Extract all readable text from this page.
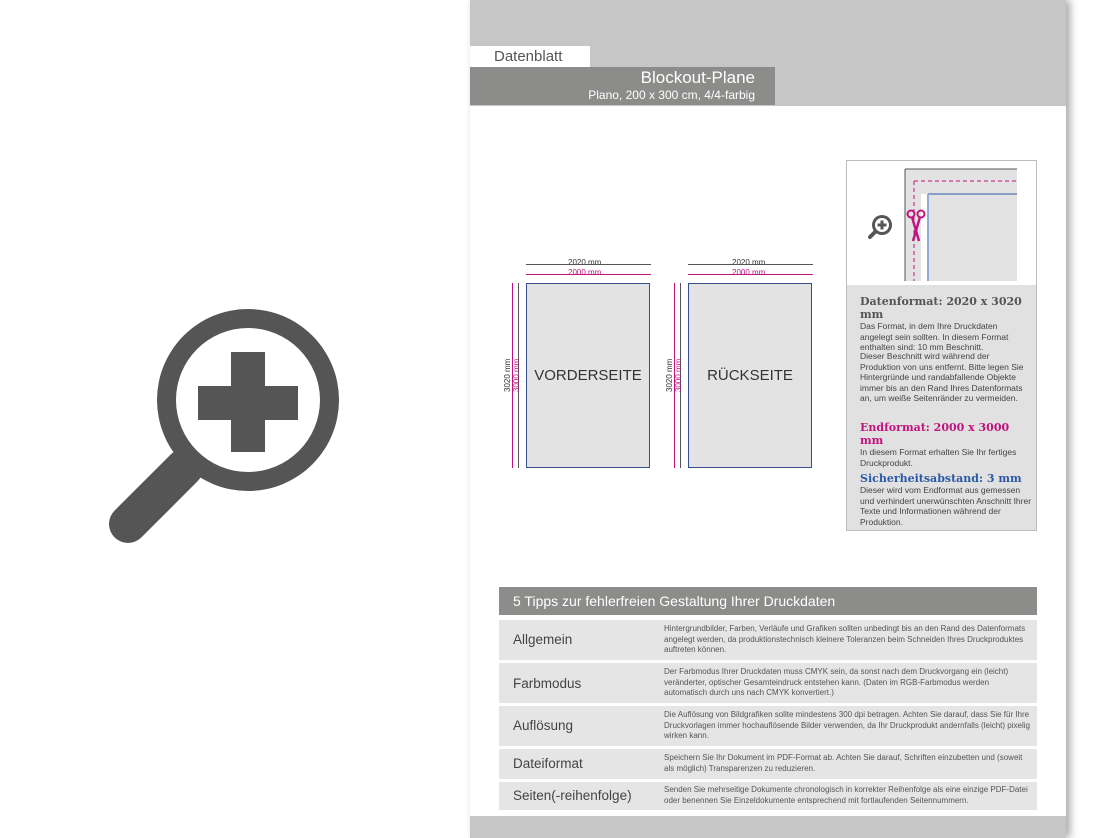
Datenblatt
Blockout-Plane
Plano, 200 x 300 cm, 4/4-farbig
2020 mm
2000 mm
3020 mm 3000 mm VORDERSEITE
2020 mm
2000 mm
3020 mm 3000 mm RÜCKSEITE
Datenformat: 2020 x 3020 mm

Das Format, in dem Ihre Druckdaten angelegt sein sollten. In diesem Format enthalten sind: 10 mm Beschnitt.

Dieser Beschnitt wird während der Produktion von uns entfernt. Bitte legen Sie Hintergründe und randabfallende Objekte immer bis an den Rand Ihres Datenformats an, um weiße Seitenränder zu vermeiden.

Endformat: 2000 x 3000 mm

In diesem Format erhalten Sie Ihr fertiges Druckprodukt.

Sicherheitsabstand: 3 mm

Dieser wird vom Endformat aus gemessen und verhindert unerwünschten Anschnitt Ihrer Texte und Informationen während der Produktion.

5 Tipps zur fehlerfreien Gestaltung Ihrer Druckdaten
Allgemein
Hintergrundbilder, Farben, Verläufe und Grafiken sollten unbedingt bis an den Rand des Datenformats angelegt werden, da produktionstechnisch kleinere Toleranzen beim Schneiden Ihres Druckproduktes auftreten können.
Farbmodus
Der Farbmodus Ihrer Druckdaten muss CMYK sein, da sonst nach dem Druckvorgang ein (leicht) veränderter, optischer Gesamteindruck entstehen kann. (Daten im RGB-Farbmodus werden automatisch durch uns nach CMYK konvertiert.)
Auflösung
Die Auflösung von Bildgrafiken sollte mindestens 300 dpi betragen. Achten Sie darauf, dass Sie für Ihre Druckvorlagen immer hochauflösende Bilder verwenden, da Ihr Druckprodukt andernfalls (leicht) pixelig wirken kann.
Dateiformat	Speichern Sie Ihr Dokument im PDF-Format ab. Achten Sie darauf, Schriften einzubetten und (soweit als möglich) Transparenzen zu reduzieren.
Seiten(-reihenfolge)	Senden Sie mehrseitige Dokumente chronologisch in korrekter Reihenfolge als eine einzige PDF-Datei oder benennen Sie Einzeldokumente entsprechend mit fortlaufenden Seitennummern.
